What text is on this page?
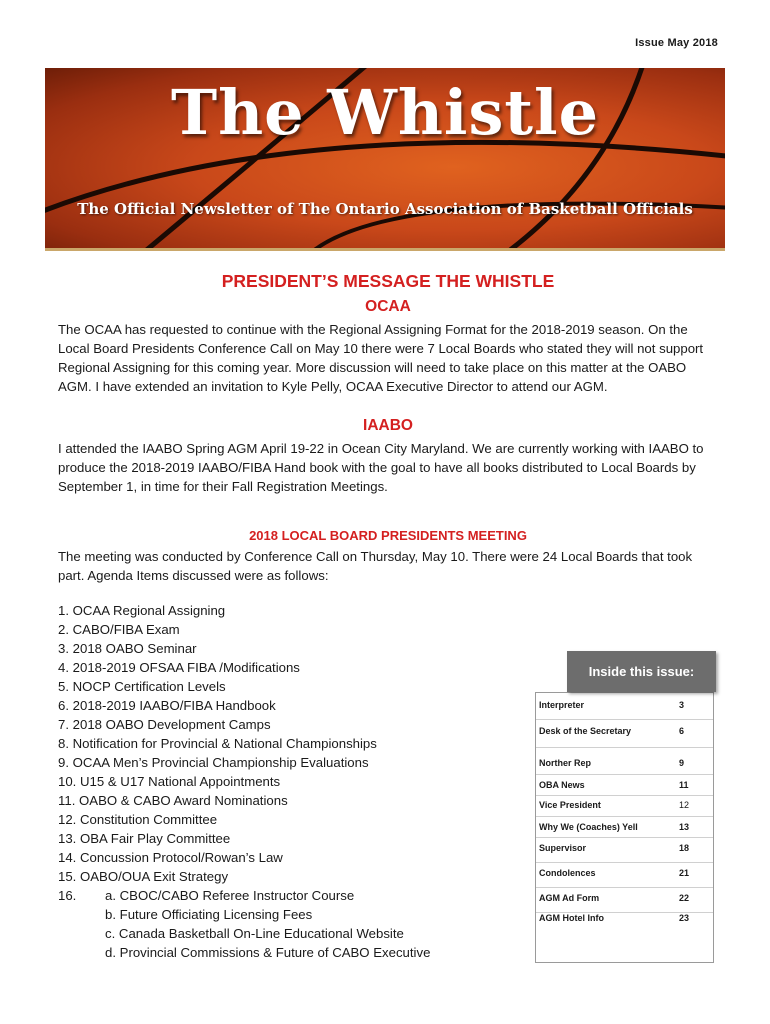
Issue May 2018
The Whistle
The Official Newsletter of The Ontario Association of Basketball Officials
PRESIDENT’S MESSAGE THE WHISTLE
OCAA

The OCAA has requested to continue with the Regional Assigning Format for the 2018-2019 season. On the Local Board Presidents Conference Call on May 10 there were 7 Local Boards who stated they will not support Regional Assigning for this coming year. More discussion will need to take place on this matter at the OABO AGM. I have extended an invitation to Kyle Pelly, OCAA Executive Director to attend our AGM.

IAABO

I attended the IAABO Spring AGM April 19-22 in Ocean City Maryland. We are currently working with IAABO to produce the 2018-2019 IAABO/FIBA Hand book with the goal to have all books distributed to Local Boards by September 1, in time for their Fall Registration Meetings.

2018 LOCAL BOARD PRESIDENTS MEETING

The meeting was conducted by Conference Call on Thursday, May 10. There were 24 Local Boards that took part. Agenda Items discussed were as follows:

1. OCAA Regional Assigning
2. CABO/FIBA Exam
3. 2018 OABO Seminar
4. 2018-2019 OFSAA FIBA /Modifications
5. NOCP Certification Levels
6. 2018-2019 IAABO/FIBA Handbook
7. 2018 OABO Development Camps
8. Notification for Provincial & National Championships
9. OCAA Men’s Provincial Championship Evaluations
10. U15 & U17 National Appointments
11. OABO & CABO Award Nominations
12. Constitution Committee
13. OBA Fair Play Committee
14. Concussion Protocol/Rowan’s Law
15. OABO/OUA Exit Strategy
16. a. CBOC/CABO Referee Instructor Course
b. Future Officiating Licensing Fees
c. Canada Basketball On-Line Educational Website
d. Provincial Commissions & Future of CABO Executive
Interpreter	3
Desk of the Secretary	6
Norther Rep	9
OBA News	11
Vice President	12
Why We (Coaches) Yell	13
Supervisor	18
Condolences	21
AGM Ad Form	22
AGM Hotel Info	23
Inside this issue:
